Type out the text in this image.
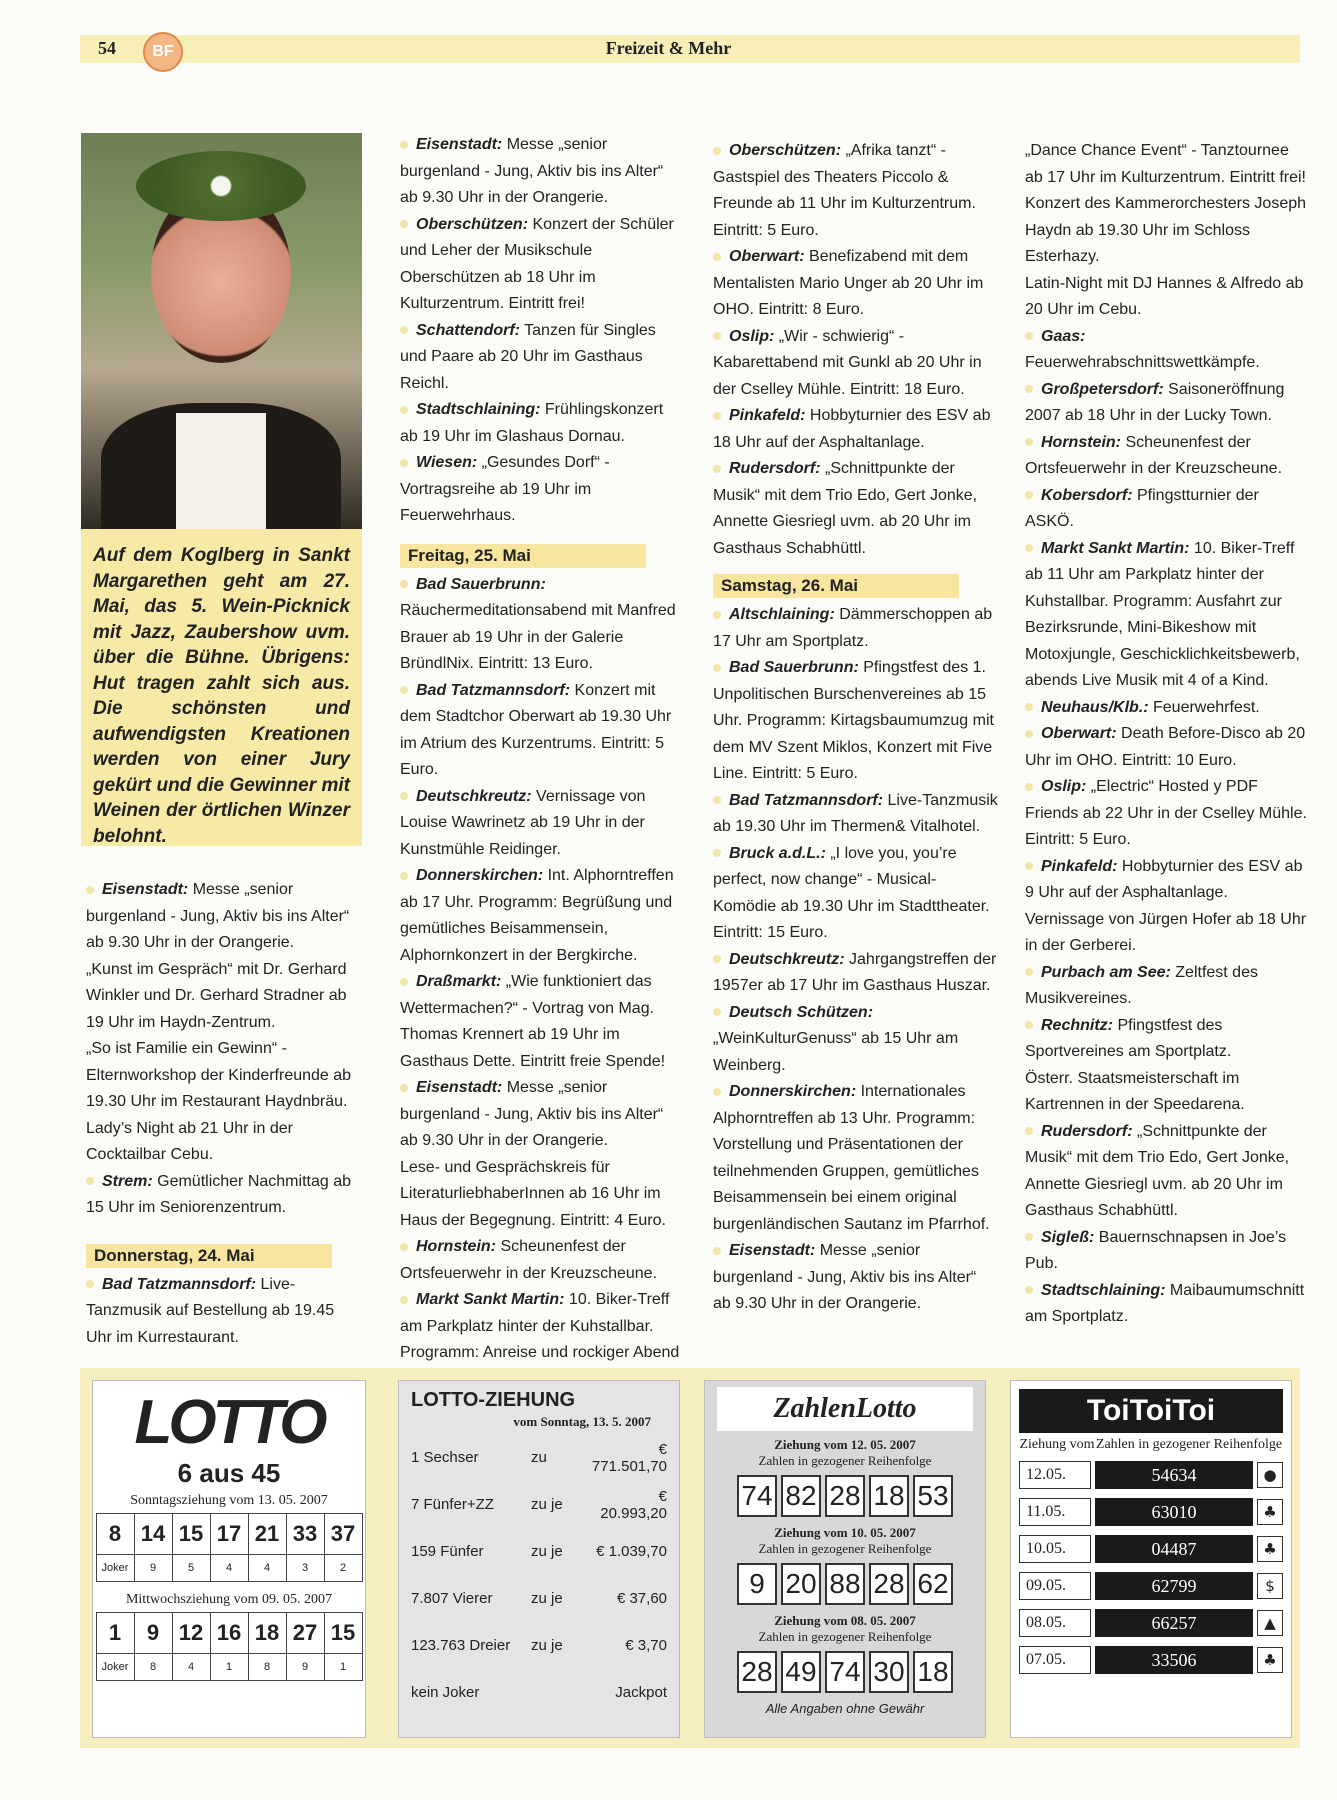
54	BF	Freizeit & Mehr
Auf dem Koglberg in Sankt Margarethen geht am 27. Mai, das 5. Wein-Picknick mit Jazz, Zaubershow uvm. über die Bühne. Übrigens: Hut tragen zahlt sich aus. Die schönsten und aufwendigsten Kreationen werden von einer Jury gekürt und die Gewinner mit Weinen der örtlichen Winzer belohnt.

Eisenstadt: Messe „senior burgenland - Jung, Aktiv bis ins Alter“ ab 9.30 Uhr in der Orangerie.

„Kunst im Gespräch“ mit Dr. Gerhard Winkler und Dr. Gerhard Stradner ab 19 Uhr im Haydn-Zentrum.

„So ist Familie ein Gewinn“ - Elternworkshop der Kinderfreunde ab 19.30 Uhr im Restaurant Haydnbräu.

Lady’s Night ab 21 Uhr in der Cocktailbar Cebu.

Strem: Gemütlicher Nachmittag ab 15 Uhr im Seniorenzentrum.

Donnerstag, 24. Mai

Bad Tatzmannsdorf: Live-Tanzmusik auf Bestellung ab 19.45 Uhr im Kurrestaurant.

Eisenstadt: Messe „senior burgenland - Jung, Aktiv bis ins Alter“ ab 9.30 Uhr in der Orangerie.

Oberschützen: Konzert der Schüler und Leher der Musikschule Oberschützen ab 18 Uhr im Kulturzentrum. Eintritt frei!

Schattendorf: Tanzen für Singles und Paare ab 20 Uhr im Gasthaus Reichl.

Stadtschlaining: Frühlingskonzert ab 19 Uhr im Glashaus Dornau.

Wiesen: „Gesundes Dorf“ - Vortragsreihe ab 19 Uhr im Feuerwehrhaus.

Freitag, 25. Mai

Bad Sauerbrunn: Räuchermeditationsabend mit Manfred Brauer ab 19 Uhr in der Galerie BründlNix. Eintritt: 13 Euro.

Bad Tatzmannsdorf: Konzert mit dem Stadtchor Oberwart ab 19.30 Uhr im Atrium des Kurzentrums. Eintritt: 5 Euro.

Deutschkreutz: Vernissage von Louise Wawrinetz ab 19 Uhr in der Kunstmühle Reidinger.

Donnerskirchen: Int. Alphorntreffen ab 17 Uhr. Programm: Begrüßung und gemütliches Beisammensein, Alphornkonzert in der Bergkirche.

Draßmarkt: „Wie funktioniert das Wettermachen?“ - Vortrag von Mag. Thomas Krennert ab 19 Uhr im Gasthaus Dette. Eintritt freie Spende!

Eisenstadt: Messe „senior burgenland - Jung, Aktiv bis ins Alter“ ab 9.30 Uhr in der Orangerie.

Lese- und Gesprächskreis für LiteraturliebhaberInnen ab 16 Uhr im Haus der Begegnung. Eintritt: 4 Euro.

Hornstein: Scheunenfest der Ortsfeuerwehr in der Kreuzscheune.

Markt Sankt Martin: 10. Biker-Treff am Parkplatz hinter der Kuhstallbar. Programm: Anreise und rockiger Abend

Oberschützen: „Afrika tanzt“ - Gastspiel des Theaters Piccolo & Freunde ab 11 Uhr im Kulturzentrum. Eintritt: 5 Euro.

Oberwart: Benefizabend mit dem Mentalisten Mario Unger ab 20 Uhr im OHO. Eintritt: 8 Euro.

Oslip: „Wir - schwierig“ - Kabarettabend mit Gunkl ab 20 Uhr in der Cselley Mühle. Eintritt: 18 Euro.

Pinkafeld: Hobbyturnier des ESV ab 18 Uhr auf der Asphaltanlage.

Rudersdorf: „Schnittpunkte der Musik“ mit dem Trio Edo, Gert Jonke, Annette Giesriegl uvm. ab 20 Uhr im Gasthaus Schabhüttl.

Samstag, 26. Mai

Altschlaining: Dämmerschoppen ab 17 Uhr am Sportplatz.

Bad Sauerbrunn: Pfingstfest des 1. Unpolitischen Burschenvereines ab 15 Uhr. Programm: Kirtagsbaumumzug mit dem MV Szent Miklos, Konzert mit Five Line. Eintritt: 5 Euro.

Bad Tatzmannsdorf: Live-Tanzmusik ab 19.30 Uhr im Thermen& Vitalhotel.

Bruck a.d.L.: „I love you, you’re perfect, now change“ - Musical-Komödie ab 19.30 Uhr im Stadttheater. Eintritt: 15 Euro.

Deutschkreutz: Jahrgangstreffen der 1957er ab 17 Uhr im Gasthaus Huszar.

Deutsch Schützen: „WeinKulturGenuss“ ab 15 Uhr am Weinberg.

Donnerskirchen: Internationales Alphorntreffen ab 13 Uhr. Programm: Vorstellung und Präsentationen der teilnehmenden Gruppen, gemütliches Beisammensein bei einem original burgenländischen Sautanz im Pfarrhof.

Eisenstadt: Messe „senior burgenland - Jung, Aktiv bis ins Alter“ ab 9.30 Uhr in der Orangerie.

„Dance Chance Event“ - Tanztournee ab 17 Uhr im Kulturzentrum. Eintritt frei!

Konzert des Kammerorchesters Joseph Haydn ab 19.30 Uhr im Schloss Esterhazy.

Latin-Night mit DJ Hannes & Alfredo ab 20 Uhr im Cebu.

Gaas: Feuerwehrabschnittswettkämpfe.

Großpetersdorf: Saisoneröffnung 2007 ab 18 Uhr in der Lucky Town.

Hornstein: Scheunenfest der Ortsfeuerwehr in der Kreuzscheune.

Kobersdorf: Pfingstturnier der ASKÖ.

Markt Sankt Martin: 10. Biker-Treff ab 11 Uhr am Parkplatz hinter der Kuhstallbar. Programm: Ausfahrt zur Bezirksrunde, Mini-Bikeshow mit Motoxjungle, Geschicklichkeitsbewerb, abends Live Musik mit 4 of a Kind.

Neuhaus/Klb.: Feuerwehrfest.

Oberwart: Death Before-Disco ab 20 Uhr im OHO. Eintritt: 10 Euro.

Oslip: „Electric“ Hosted y PDF Friends ab 22 Uhr in der Cselley Mühle. Eintritt: 5 Euro.

Pinkafeld: Hobbyturnier des ESV ab 9 Uhr auf der Asphaltanlage.

Vernissage von Jürgen Hofer ab 18 Uhr in der Gerberei.

Purbach am See: Zeltfest des Musikvereines.

Rechnitz: Pfingstfest des Sportvereines am Sportplatz.

Österr. Staatsmeisterschaft im Kartrennen in der Speedarena.

Rudersdorf: „Schnittpunkte der Musik“ mit dem Trio Edo, Gert Jonke, Annette Giesriegl uvm. ab 20 Uhr im Gasthaus Schabhüttl.

Sigleß: Bauernschnapsen in Joe’s Pub.

Stadtschlaining: Maibaumumschnitt am Sportplatz.

LOTTO
6 aus 45
Sonntagsziehung vom 13. 05. 2007
8	14	15	17	21	33	37
Joker	9	5	4	4	3	2
Mittwochsziehung vom 09. 05. 2007
1	9	12	16	18	27	15
Joker	8	4	1	8	9	1
LOTTO-ZIEHUNG
vom Sonntag, 13. 5. 2007
1 Sechser	zu	€ 771.501,70
7 Fünfer+ZZ	zu je	€ 20.993,20
159 Fünfer	zu je	€ 1.039,70
7.807 Vierer	zu je	€ 37,60
123.763 Dreier	zu je	€ 3,70
kein Joker	Jackpot
ZahlenLotto
Ziehung vom 12. 05. 2007
Zahlen in gezogener Reihenfolge
74 82 28 18 53
Ziehung vom 10. 05. 2007
Zahlen in gezogener Reihenfolge
9 20 88 28 62
Ziehung vom 08. 05. 2007
Zahlen in gezogener Reihenfolge
28 49 74 30 18
Alle Angaben ohne Gewähr
ToiToiToi
Ziehung vom Zahlen in gezogener Reihenfolge
12.05.	54634	●
11.05.	63010	♣
10.05.	04487	♣
09.05.	62799	$
08.05.	66257	▲
07.05.	33506	♣
